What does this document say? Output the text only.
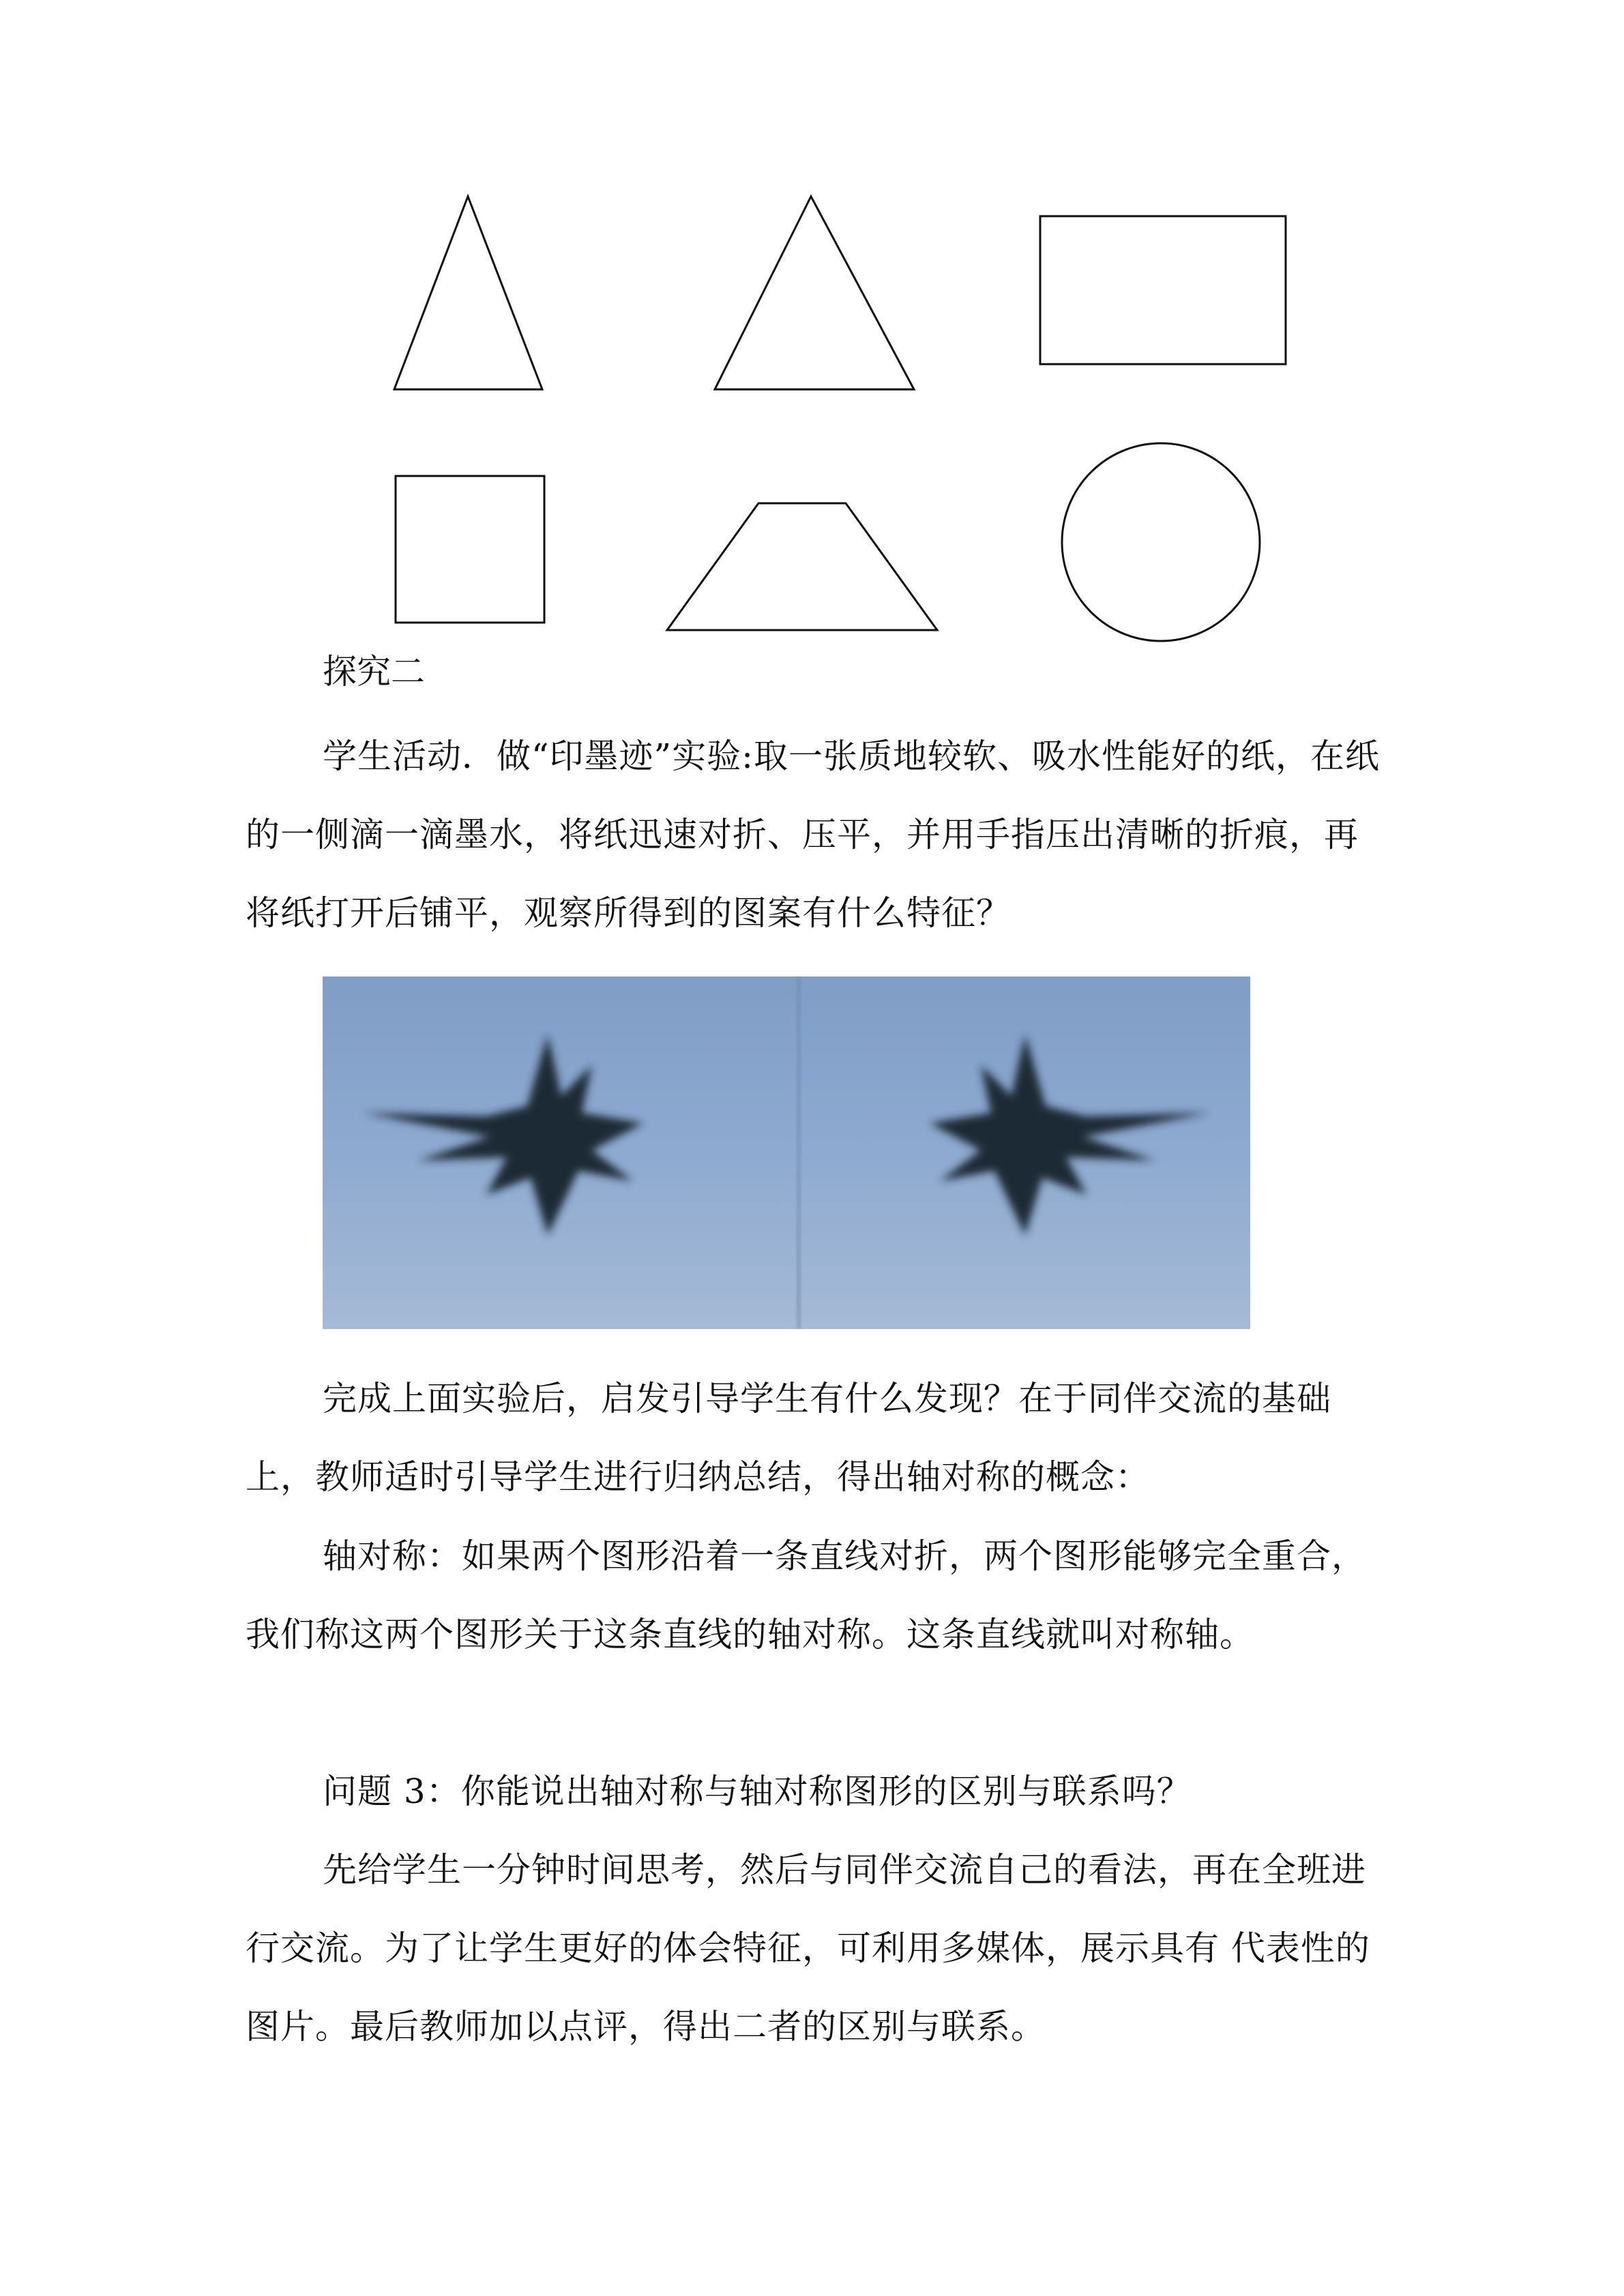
探究二

学生活动．做“印墨迹”实验:取一张质地较软、吸水性能好的纸，在纸的一侧滴一滴墨水，将纸迅速对折、压平，并用手指压出清晰的折痕，再将纸打开后铺平，观察所得到的图案有什么特征？

完成上面实验后，启发引导学生有什么发现？在于同伴交流的基础上，教师适时引导学生进行归纳总结，得出轴对称的概念：

轴对称：如果两个图形沿着一条直线对折，两个图形能够完全重合，我们称这两个图形关于这条直线的轴对称。这条直线就叫对称轴。

问题 3：你能说出轴对称与轴对称图形的区别与联系吗？

先给学生一分钟时间思考，然后与同伴交流自己的看法，再在全班进行交流。为了让学生更好的体会特征，可利用多媒体，展示具有 代表性的图片。最后教师加以点评，得出二者的区别与联系。
